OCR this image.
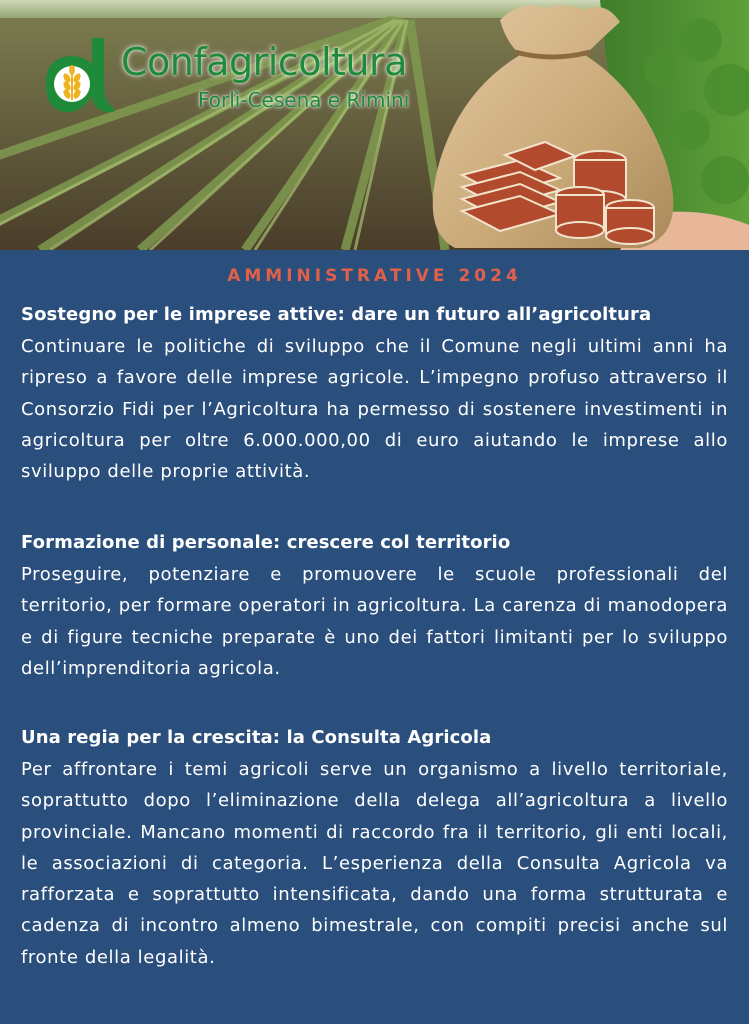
Confagricoltura
Forlì-Cesena e Rimini
AMMINISTRATIVE 2024
Sostegno per le imprese attive: dare un futuro all’agricoltura
Continuare le politiche di sviluppo che il Comune negli ultimi anni ha ripreso a favore delle imprese agricole. L’impegno profuso attraverso il Consorzio Fidi per l’Agricoltura ha permesso di sostenere investimenti in agricoltura per oltre 6.000.000,00 di euro aiutando le imprese allo sviluppo delle proprie attività.
Formazione di personale: crescere col territorio
Proseguire, potenziare e promuovere le scuole professionali del territorio, per formare operatori in agricoltura. La carenza di manodopera e di figure tecniche preparate è uno dei fattori limitanti per lo sviluppo dell’imprenditoria agricola.
Una regia per la crescita: la Consulta Agricola
Per affrontare i temi agricoli serve un organismo a livello territoriale, soprattutto dopo l’eliminazione della delega all’agricoltura a livello provinciale. Mancano momenti di raccordo fra il territorio, gli enti locali, le associazioni di categoria. L’esperienza della Consulta Agricola va rafforzata e soprattutto intensificata, dando una forma strutturata e cadenza di incontro almeno bimestrale, con compiti precisi anche sul fronte della legalità.
